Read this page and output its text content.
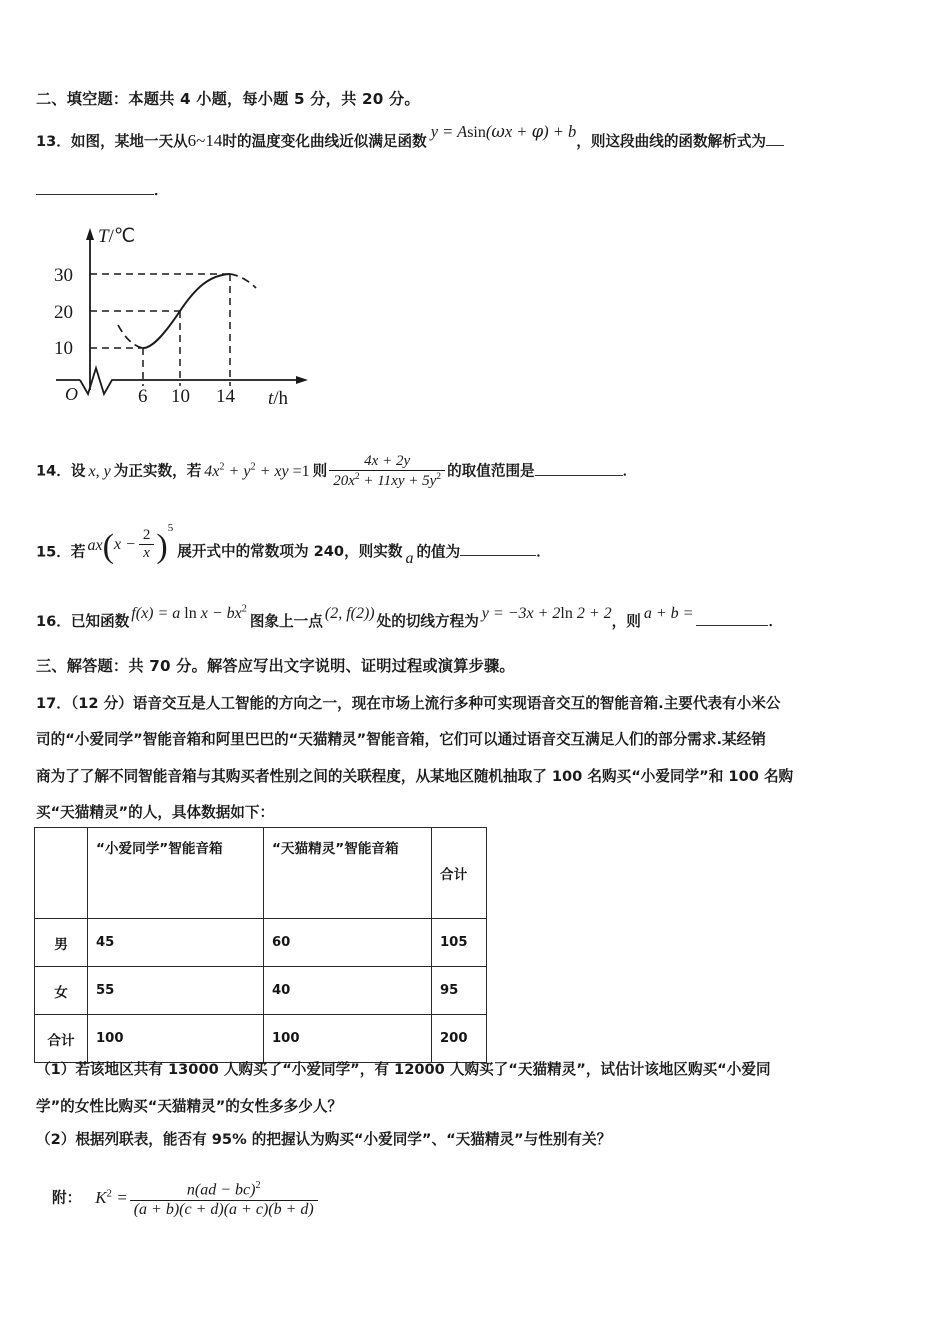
二、填空题：本题共 4 小题，每小题 5 分，共 20 分。
13．如图，某地一天从6~14时的温度变化曲线近似满足函数y = Asin(ωx + φ) + b，则这段曲线的函数解析式为
．
30
20
10
T/℃
O	6 10 14 t/h
14．设 x, y 为正实数，若 $4x^2 + y^2$ + xy =1 则 $\frac{4x + 2y}{20x^2 + 11xy + 5y^2}$ 的取值范围是	．
15．若 $ax(x - \frac{2}{x} )^5$展开式中的常数项为 240，则实数 a 的值为	．
16．已知函数 f(x) = a $\ln x - bx^2$图象上一点 (2, f(2)) 处的切线方程为 y = −3x + 2ln 2 + 2，则 a + b =	．
三、解答题：共 70 分。解答应写出文字说明、证明过程或演算步骤。
17．（12 分）语音交互是人工智能的方向之一，现在市场上流行多种可实现语音交互的智能音箱.主要代表有小米公
司的“小爱同学”智能音箱和阿里巴巴的“天猫精灵”智能音箱，它们可以通过语音交互满足人们的部分需求.某经销
商为了了解不同智能音箱与其购买者性别之间的关联程度，从某地区随机抽取了 100 名购买“小爱同学”和 100 名购
买“天猫精灵”的人，具体数据如下：
	“小爱同学”智能音箱	“天猫精灵”智能音箱	合计
男	45	60	105
女	55	40	95
合计	100	100	200
（1）若该地区共有 13000 人购买了“小爱同学”，有 12000 人购买了“天猫精灵”，试估计该地区购买“小爱同
学”的女性比购买“天猫精灵”的女性多多少人？
（2）根据列联表，能否有 95% 的把握认为购买“小爱同学”、“天猫精灵”与性别有关？
附： $K^2 = \frac{n(ad - bc)^2}{(a + b)(c + d)(a + c)(b + d)}$
